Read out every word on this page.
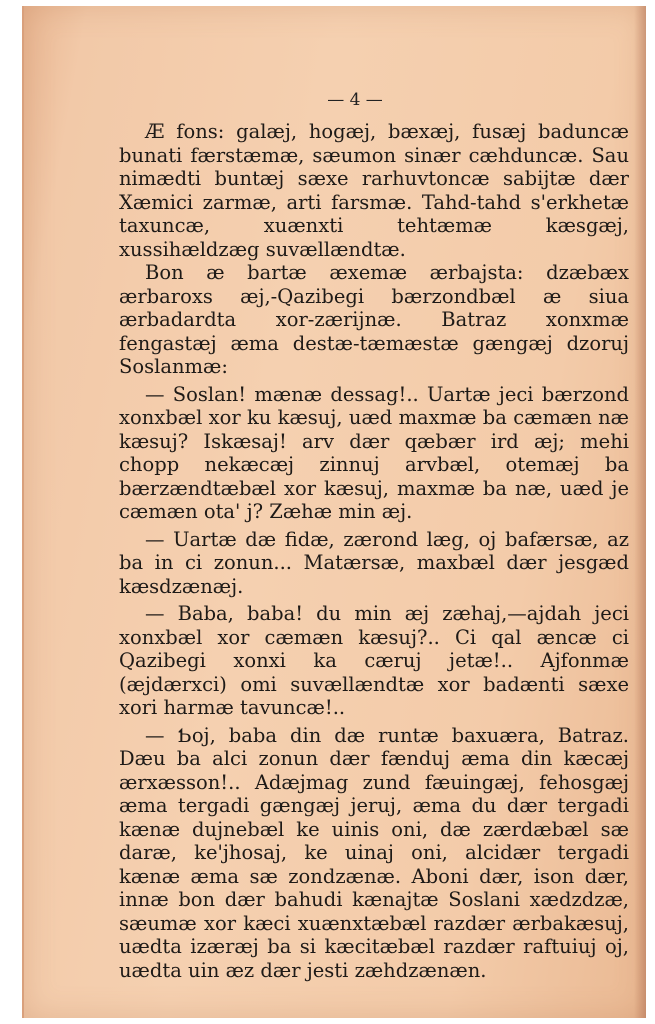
— 4 —

Æ fons: galæj, hogæj, bæxæj, fusæj baduncæ bunati færstæmæ, sæumon sinær cæhduncæ. Sau nimædti buntæj sæxe rarhuvtoncæ sabijtæ dær Xæmici zarmæ, arti farsmæ. Tahd-tahd s'erkhetæ taxuncæ, xuænxti tehtæmæ kæsgæj, xussihældzæg suvællændtæ.

Bon æ bartæ æxemæ ærbajsta: dzæbæx ærbaroxs æj,-Qazibegi bærzondbæl æ siua ærbadardta xor-zærijnæ. Batraz xonxmæ fengastæj æma destæ-tæmæstæ gængæj dzoruj Soslanmæ:

— Soslan! mænæ dessag!.. Uartæ jeci bærzond xonxbæl xor ku kæsuj, uæd maxmæ ba cæmæn næ kæsuj? Iskæsaj! arv dær qæbær ird æj; mehi chopp nekæcæj zinnuj arvbæl, otemæj ba bærzændtæbæl xor kæsuj, maxmæ ba næ, uæd je cæmæn ota' j? Zæhæ min æj.

— Uartæ dæ fidæ, zærond læg, oj bafærsæ, az ba in ci zonun... Matærsæ, maxbæl dær jesgæd kæsdzænæj.

— Baba, baba! du min æj zæhaj,—ajdah jeci xonxbæl xor cæmæn kæsuj?.. Ci qal æncæ ci Qazibegi xonxi ka cæruj jetæ!.. Ajfonmæ (æjdærxci) omi suvællændtæ xor badænti sæxe xori harmæ tavuncæ!..

— Ƅoj, baba din dæ runtæ baxuæra, Batraz. Dæu ba alci zonun dær fænduj æma din kæcæj ærxæsson!.. Adæjmag zund fæuingæj, fehosgæj æma tergadi gængæj jeruj, æma du dær tergadi kænæ dujnebæl ke uinis oni, dæ zærdæbæl sæ daræ, ke'jhosaj, ke uinaj oni, alcidær tergadi kænæ æma sæ zondzænæ. Aboni dær, ison dær, innæ bon dær bahudi kænajtæ Soslani xædzdzæ, sæumæ xor kæci xuænxtæbæl razdær ærbakæsuj, uædta izæræj ba si kæcitæbæl razdær raftuiuj oj, uædta uin æz dær jesti zæhdzænæn.
